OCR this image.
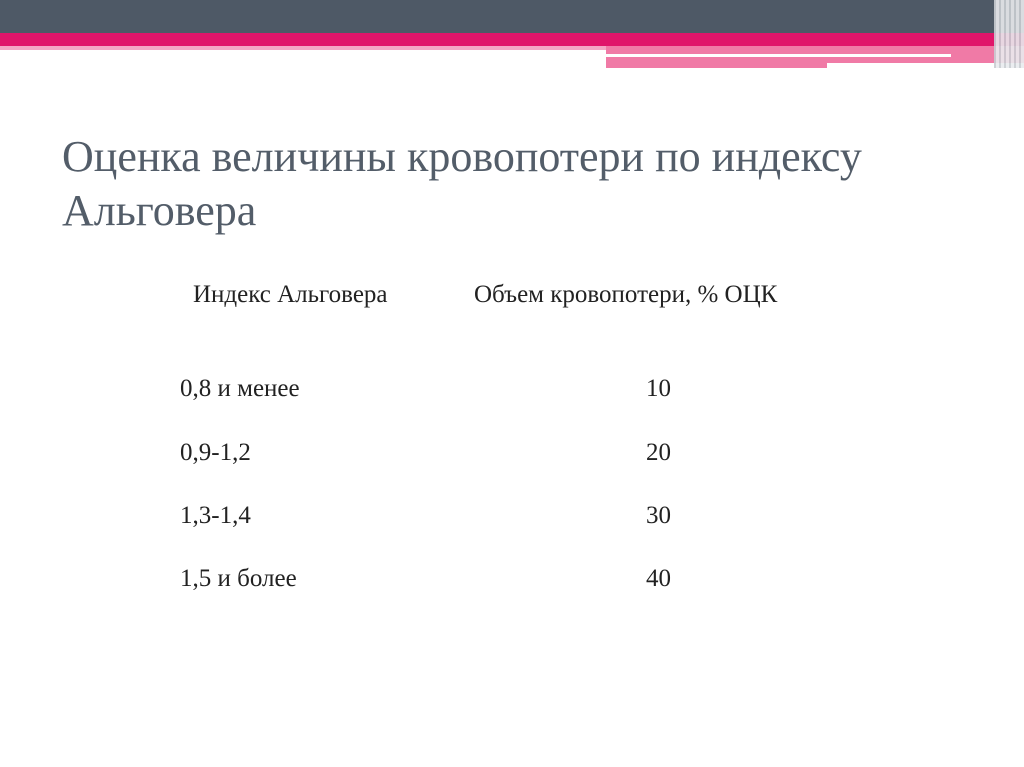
Оценка величины кровопотери по индексу Альговера
Индекс Альговера	Объем кровопотери, % ОЦК
0,8 и менее	10
0,9-1,2	20
1,3-1,4	30
1,5 и более	40
